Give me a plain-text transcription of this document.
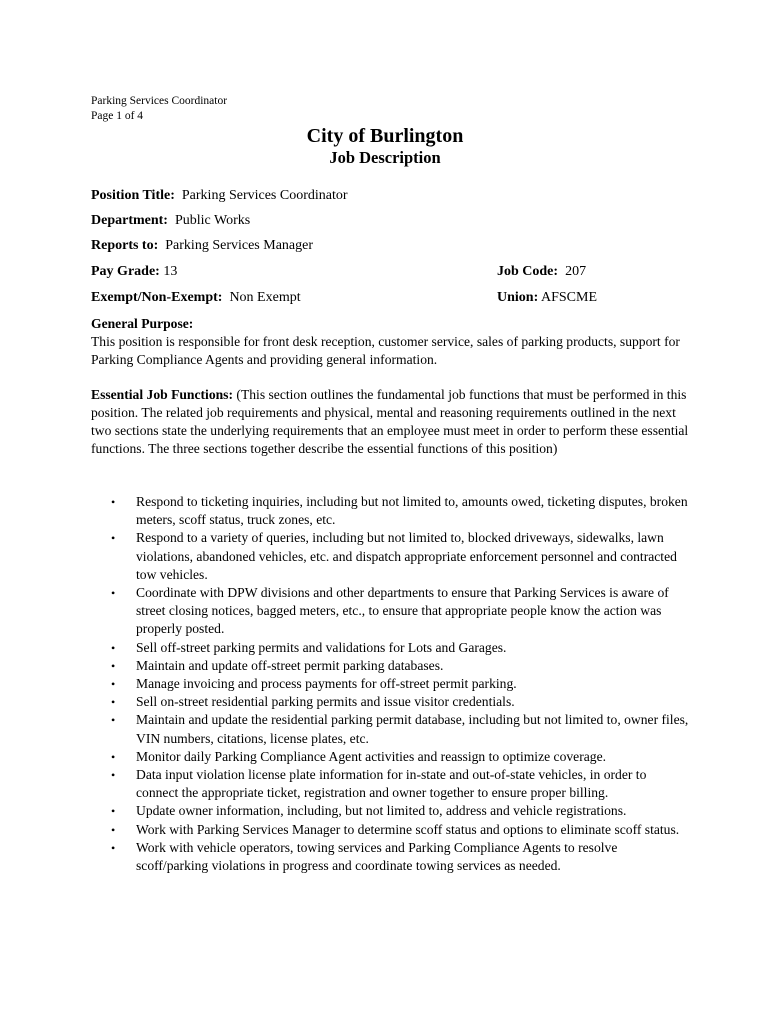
Parking Services Coordinator
Page 1 of 4
City of Burlington
Job Description
Position Title: Parking Services Coordinator
Department: Public Works
Reports to: Parking Services Manager
Pay Grade: 13	Job Code: 207
Exempt/Non-Exempt: Non Exempt	Union: AFSCME
General Purpose:
This position is responsible for front desk reception, customer service, sales of parking products, support for Parking Compliance Agents and providing general information.
Essential Job Functions: (This section outlines the fundamental job functions that must be performed in this position. The related job requirements and physical, mental and reasoning requirements outlined in the next two sections state the underlying requirements that an employee must meet in order to perform these essential functions. The three sections together describe the essential functions of this position)
• Respond to ticketing inquiries, including but not limited to, amounts owed, ticketing disputes, broken meters, scoff status, truck zones, etc.
• Respond to a variety of queries, including but not limited to, blocked driveways, sidewalks, lawn violations, abandoned vehicles, etc. and dispatch appropriate enforcement personnel and contracted tow vehicles.
• Coordinate with DPW divisions and other departments to ensure that Parking Services is aware of street closing notices, bagged meters, etc., to ensure that appropriate people know the action was properly posted.
• Sell off-street parking permits and validations for Lots and Garages.
• Maintain and update off-street permit parking databases.
• Manage invoicing and process payments for off-street permit parking.
• Sell on-street residential parking permits and issue visitor credentials.
• Maintain and update the residential parking permit database, including but not limited to, owner files, VIN numbers, citations, license plates, etc.
• Monitor daily Parking Compliance Agent activities and reassign to optimize coverage.
• Data input violation license plate information for in-state and out-of-state vehicles, in order to connect the appropriate ticket, registration and owner together to ensure proper billing.
• Update owner information, including, but not limited to, address and vehicle registrations.
• Work with Parking Services Manager to determine scoff status and options to eliminate scoff status.
• Work with vehicle operators, towing services and Parking Compliance Agents to resolve scoff/parking violations in progress and coordinate towing services as needed.
